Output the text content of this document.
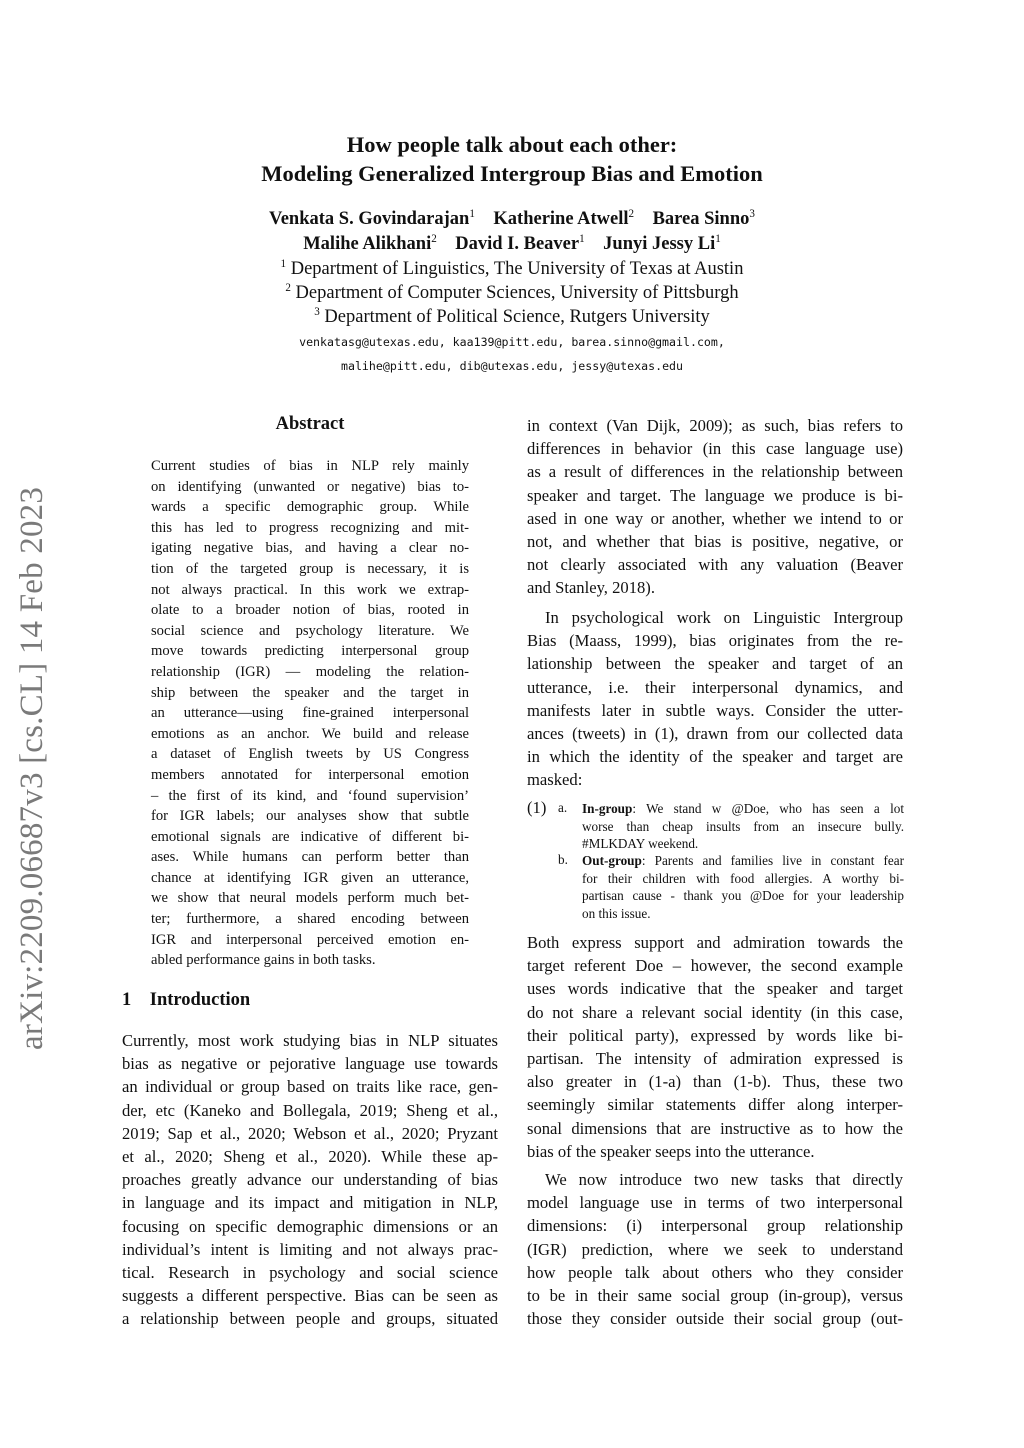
arXiv:2209.06687v3 [cs.CL] 14 Feb 2023
How people talk about each other:
Modeling Generalized Intergroup Bias and Emotion
Venkata S. Govindarajan$^1$ Katherine Atwell$^2$ Barea Sinno$^3$
Malihe Alikhani$^2$ David I. Beaver$^1$ Junyi Jessy Li$^1$
$^1$ Department of Linguistics, The University of Texas at Austin
$^2$ Department of Computer Sciences, University of Pittsburgh
$^3$ Department of Political Science, Rutgers University
venkatasg@utexas.edu, kaa139@pitt.edu, barea.sinno@gmail.com,
malihe@pitt.edu, dib@utexas.edu, jessy@utexas.edu
Abstract
Current studies of bias in NLP rely mainly
on identifying (unwanted or negative) bias to-
wards a specific demographic group. While
this has led to progress recognizing and mit-
igating negative bias, and having a clear no-
tion of the targeted group is necessary, it is
not always practical. In this work we extrap-
olate to a broader notion of bias, rooted in
social science and psychology literature. We
move towards predicting interpersonal group
relationship (IGR) — modeling the relation-
ship between the speaker and the target in
an utterance—using fine-grained interpersonal
emotions as an anchor. We build and release
a dataset of English tweets by US Congress
members annotated for interpersonal emotion
– the first of its kind, and ‘found supervision’
for IGR labels; our analyses show that subtle
emotional signals are indicative of different bi-
ases. While humans can perform better than
chance at identifying IGR given an utterance,
we show that neural models perform much bet-
ter; furthermore, a shared encoding between
IGR and interpersonal perceived emotion en-
abled performance gains in both tasks.
1 Introduction
Currently, most work studying bias in NLP situates
bias as negative or pejorative language use towards
an individual or group based on traits like race, gen-
der, etc (Kaneko and Bollegala, 2019; Sheng et al.,
2019; Sap et al., 2020; Webson et al., 2020; Pryzant
et al., 2020; Sheng et al., 2020). While these ap-
proaches greatly advance our understanding of bias
in language and its impact and mitigation in NLP,
focusing on specific demographic dimensions or an
individual’s intent is limiting and not always prac-
tical. Research in psychology and social science
suggests a different perspective. Bias can be seen as
a relationship between people and groups, situated
in context (Van Dijk, 2009); as such, bias refers to
differences in behavior (in this case language use)
as a result of differences in the relationship between
speaker and target. The language we produce is bi-
ased in one way or another, whether we intend to or
not, and whether that bias is positive, negative, or
not clearly associated with any valuation (Beaver
and Stanley, 2018).
In psychological work on Linguistic Intergroup
Bias (Maass, 1999), bias originates from the re-
lationship between the speaker and target of an
utterance, i.e. their interpersonal dynamics, and
manifests later in subtle ways. Consider the utter-
ances (tweets) in (1), drawn from our collected data
in which the identity of the speaker and target are
masked:
(1) a. In-group: We stand w @Doe, who has seen a lot
worse than cheap insults from an insecure bully.
#MLKDAY weekend.
b. Out-group: Parents and families live in constant fear
for their children with food allergies. A worthy bi-
partisan cause - thank you @Doe for your leadership
on this issue.
Both express support and admiration towards the
target referent Doe – however, the second example
uses words indicative that the speaker and target
do not share a relevant social identity (in this case,
their political party), expressed by words like bi-
partisan. The intensity of admiration expressed is
also greater in (1-a) than (1-b). Thus, these two
seemingly similar statements differ along interper-
sonal dimensions that are instructive as to how the
bias of the speaker seeps into the utterance.
We now introduce two new tasks that directly
model language use in terms of two interpersonal
dimensions: (i) interpersonal group relationship
(IGR) prediction, where we seek to understand
how people talk about others who they consider
to be in their same social group (in-group), versus
those they consider outside their social group (out-
